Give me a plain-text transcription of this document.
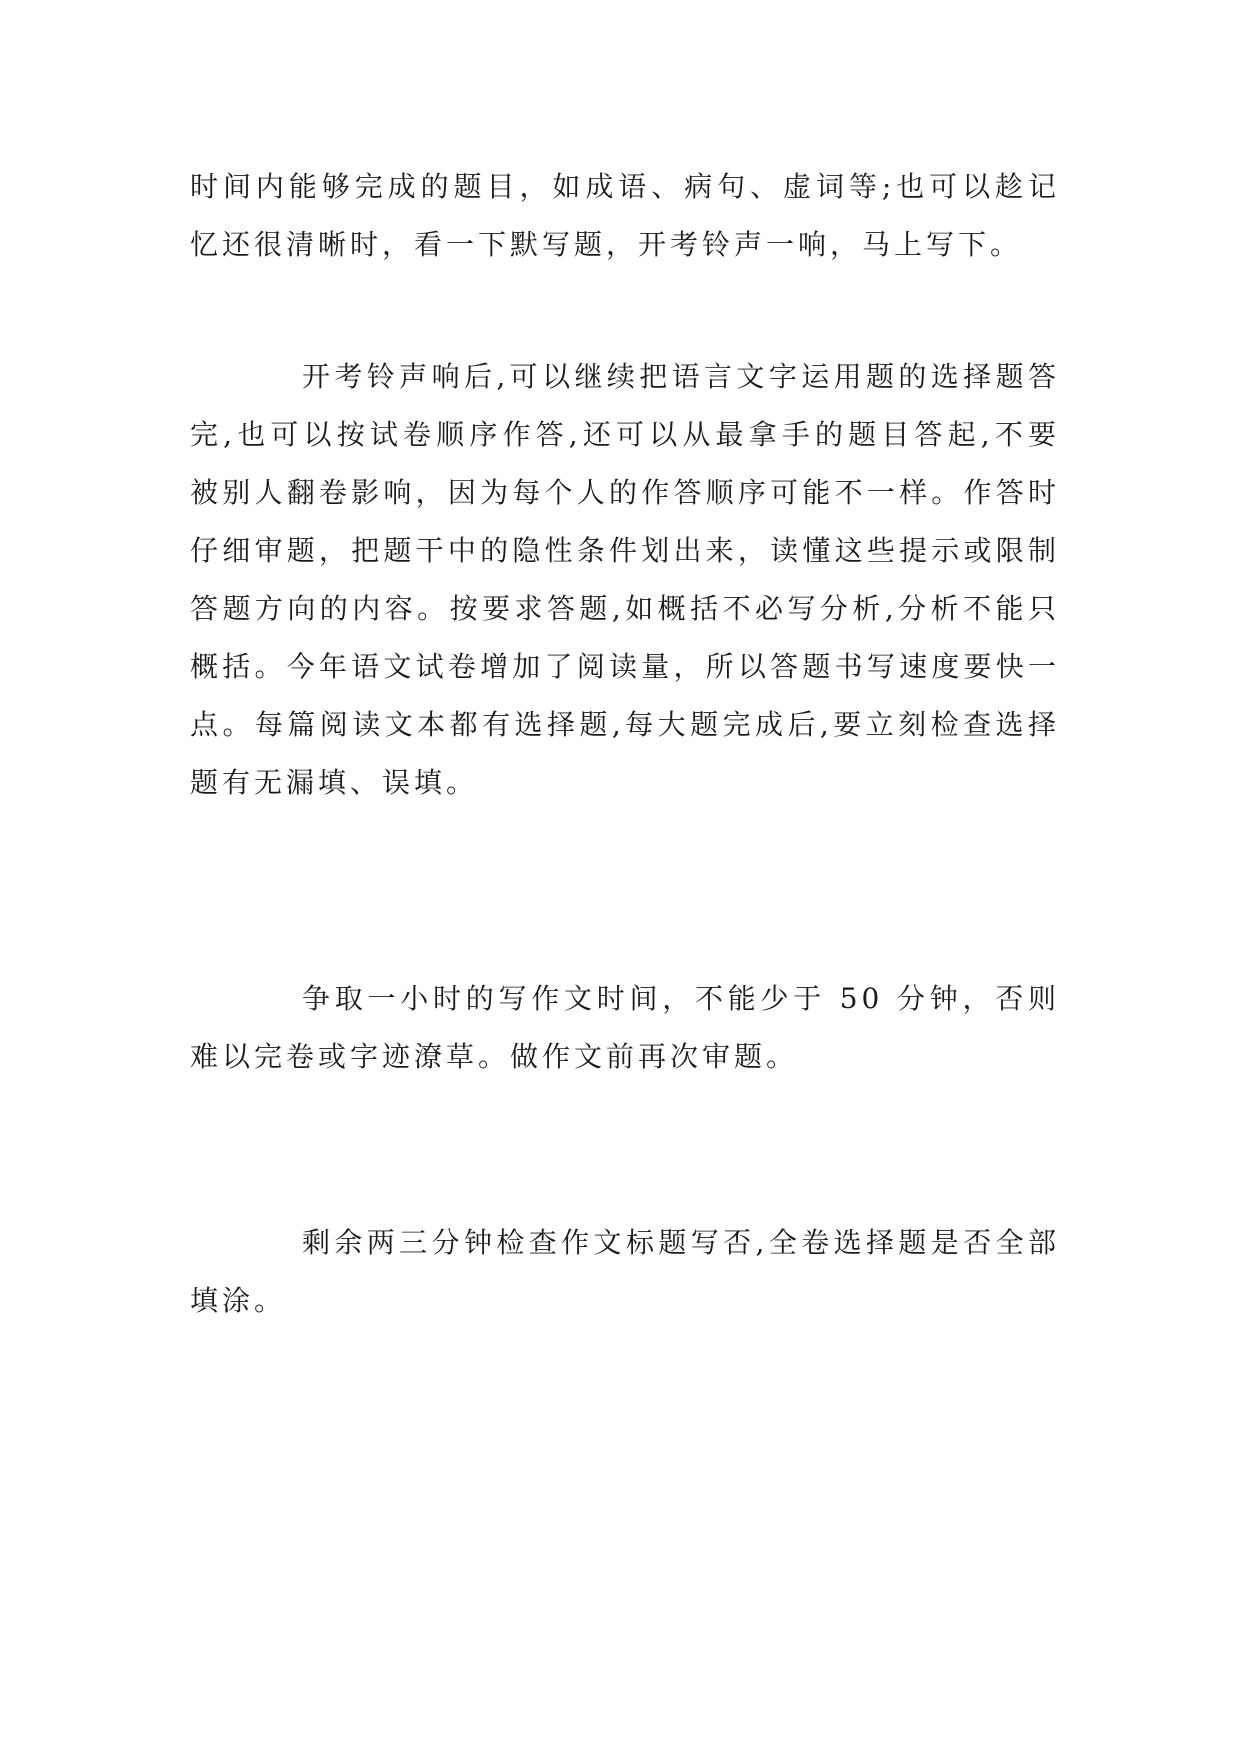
时间内能够完成的题目，如成语、病句、虚词等;也可以趁记忆还很清晰时，看一下默写题，开考铃声一响，马上写下。

开考铃声响后,可以继续把语言文字运用题的选择题答完,也可以按试卷顺序作答,还可以从最拿手的题目答起,不要被别人翻卷影响，因为每个人的作答顺序可能不一样。作答时仔细审题，把题干中的隐性条件划出来，读懂这些提示或限制答题方向的内容。按要求答题,如概括不必写分析,分析不能只概括。今年语文试卷增加了阅读量，所以答题书写速度要快一点。每篇阅读文本都有选择题,每大题完成后,要立刻检查选择题有无漏填、误填。

争取一小时的写作文时间，不能少于 50 分钟，否则难以完卷或字迹潦草。做作文前再次审题。

剩余两三分钟检查作文标题写否,全卷选择题是否全部填涂。
